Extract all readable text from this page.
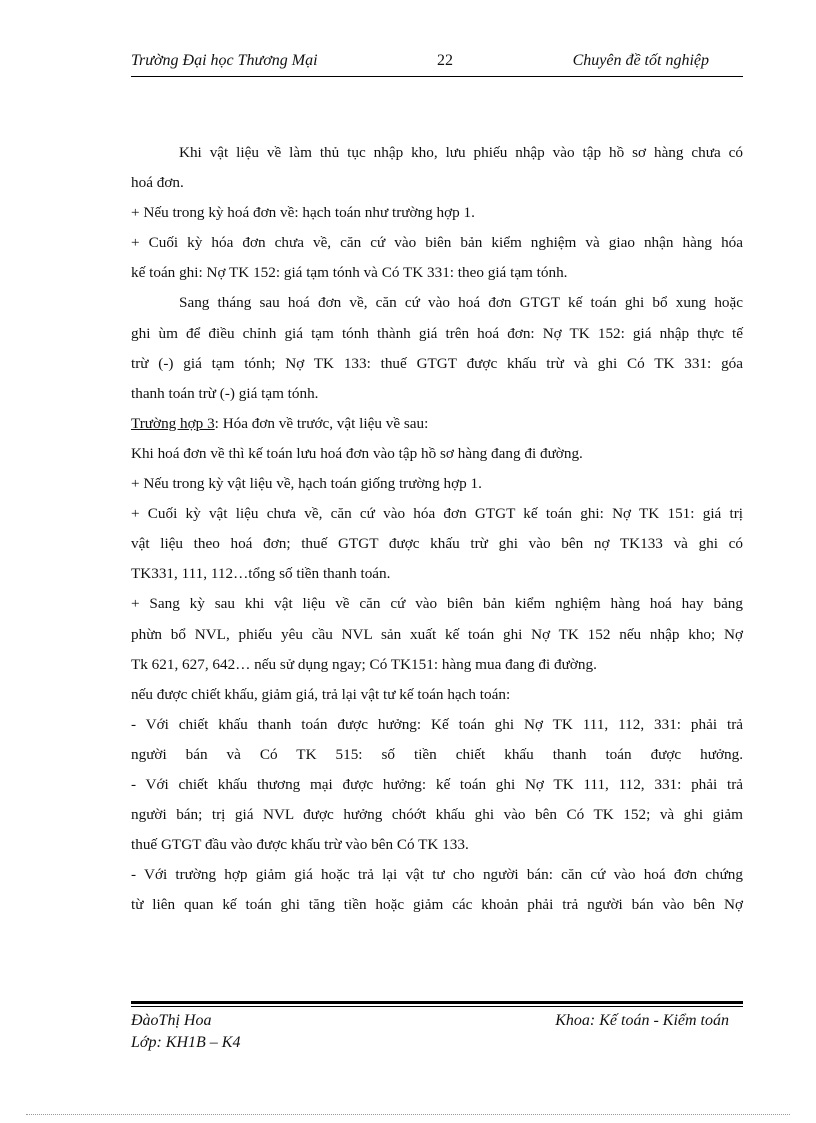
Trường Đại học Thương Mại	22	Chuyên đề tốt nghiệp

Khi vật liệu về làm thủ tục nhập kho, lưu phiếu nhập vào tập hồ sơ hàng chưa có

hoá đơn.

+ Nếu trong kỳ hoá đơn về: hạch toán như trường hợp 1.

+ Cuối kỳ hóa đơn chưa về, căn cứ vào biên bản kiểm nghiệm và giao nhận hàng hóa

kế toán ghi: Nợ TK 152: giá tạm tónh và Có TK 331: theo giá tạm tónh.

Sang tháng sau hoá đơn về, căn cứ vào hoá đơn GTGT kế toán ghi bổ xung hoặc

ghi ùm để điều chỉnh giá tạm tónh thành giá trên hoá đơn: Nợ TK 152: giá nhập thực tế

trừ (-) giá tạm tónh; Nợ TK 133: thuế GTGT được khấu trừ và ghi Có TK 331: góa

thanh toán trừ (-) giá tạm tónh.

Trường hợp 3: Hóa đơn về trước, vật liệu về sau:

Khi hoá đơn về thì kế toán lưu hoá đơn vào tập hồ sơ hàng đang đi đường.

+ Nếu trong kỳ vật liệu về, hạch toán giống trường hợp 1.

+ Cuối kỳ vật liệu chưa về, căn cứ vào hóa đơn GTGT kế toán ghi: Nợ TK 151: giá trị

vật liệu theo hoá đơn; thuế GTGT được khấu trừ ghi vào bên nợ TK133 và ghi có

TK331, 111, 112…tổng số tiền thanh toán.

+ Sang kỳ sau khi vật liệu về căn cứ vào biên bản kiểm nghiệm hàng hoá hay bảng

phừn bổ NVL, phiếu yêu cầu NVL sản xuất kế toán ghi Nợ TK 152 nếu nhập kho; Nợ

Tk 621, 627, 642… nếu sử dụng ngay; Có TK151: hàng mua đang đi đường.

nếu được chiết khấu, giảm giá, trả lại vật tư kế toán hạch toán:

- Với chiết khấu thanh toán được hưởng: Kế toán ghi Nợ TK 111, 112, 331: phải trả

người bán và Có TK 515: số tiền chiết khấu thanh toán được hưởng.

- Với chiết khấu thương mại được hưởng: kế toán ghi Nợ TK 111, 112, 331: phải trả

người bán; trị giá NVL được hưởng chóớt khấu ghi vào bên Có TK 152; và ghi giảm

thuế GTGT đầu vào được khấu trừ vào bên Có TK 133.

- Với trường hợp giảm giá hoặc trả lại vật tư cho người bán: căn cứ vào hoá đơn chứng

từ liên quan kế toán ghi tăng tiền hoặc giảm các khoản phải trả người bán vào bên Nợ

ĐàoThị Hoa
Lớp: KH1B – K4
Khoa: Kế toán - Kiểm toán
